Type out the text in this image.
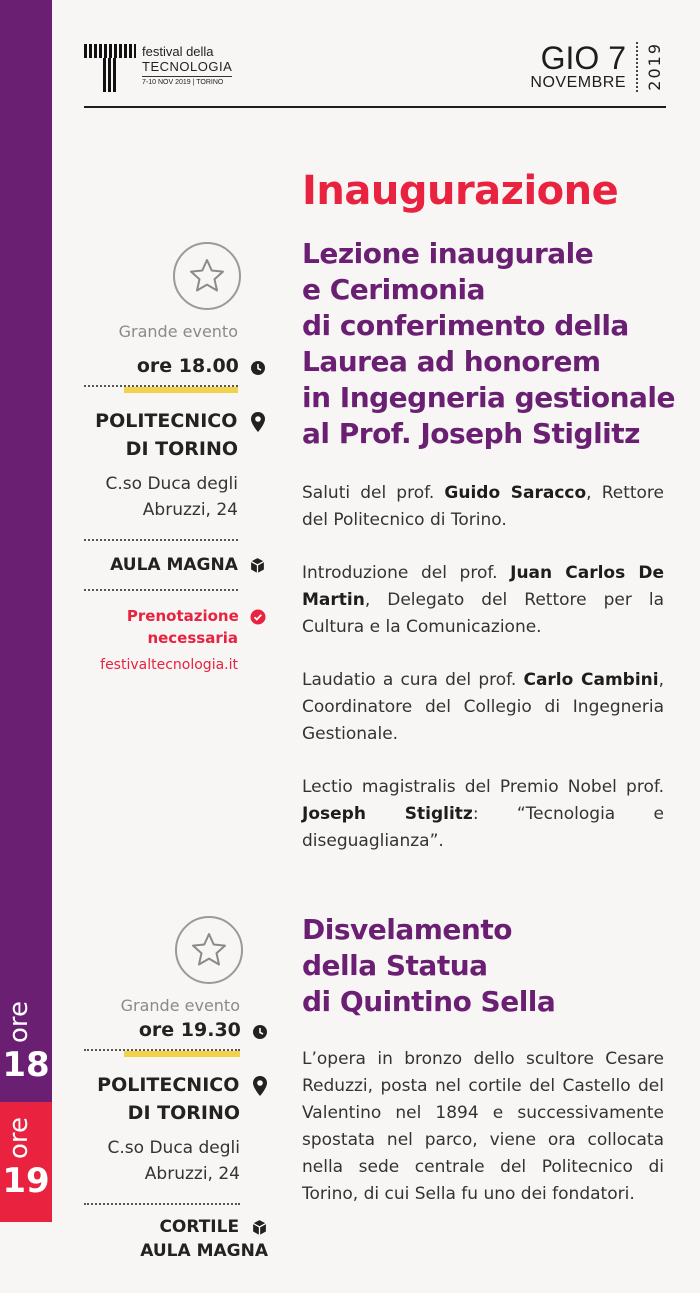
ore
18
ore
19
festival della
TECNOLOGIA
7-10 NOV 2019 | TORINO
GIO 7
NOVEMBRE 2019
Grande evento
ore 18.00
POLITECNICO
DI TORINO
C.so Duca degli
Abruzzi, 24
AULA MAGNA
Prenotazione
necessaria
festivaltecnologia.it
Inaugurazione
Lezione inaugurale
e Cerimonia
di conferimento della
Laurea ad honorem
in Ingegneria gestionale
al Prof. Joseph Stiglitz

Saluti del prof. Guido Saracco, Rettore del Politecnico di Torino.

Introduzione del prof. Juan Carlos De Martin, Delegato del Rettore per la Cultura e la Comunicazione.

Laudatio a cura del prof. Carlo Cambini, Coordinatore del Collegio di Ingegneria Gestionale.

Lectio magistralis del Premio Nobel prof. Joseph Stiglitz: “Tecnologia e diseguaglianza”.

Grande evento
ore 19.30
POLITECNICO
DI TORINO
C.so Duca degli
Abruzzi, 24
CORTILE
AULA MAGNA
Disvelamento
della Statua
di Quintino Sella

L’opera in bronzo dello scultore Cesare Reduzzi, posta nel cortile del Castello del Valentino nel 1894 e successivamente spostata nel parco, viene ora collocata nella sede centrale del Politecnico di Torino, di cui Sella fu uno dei fondatori.
